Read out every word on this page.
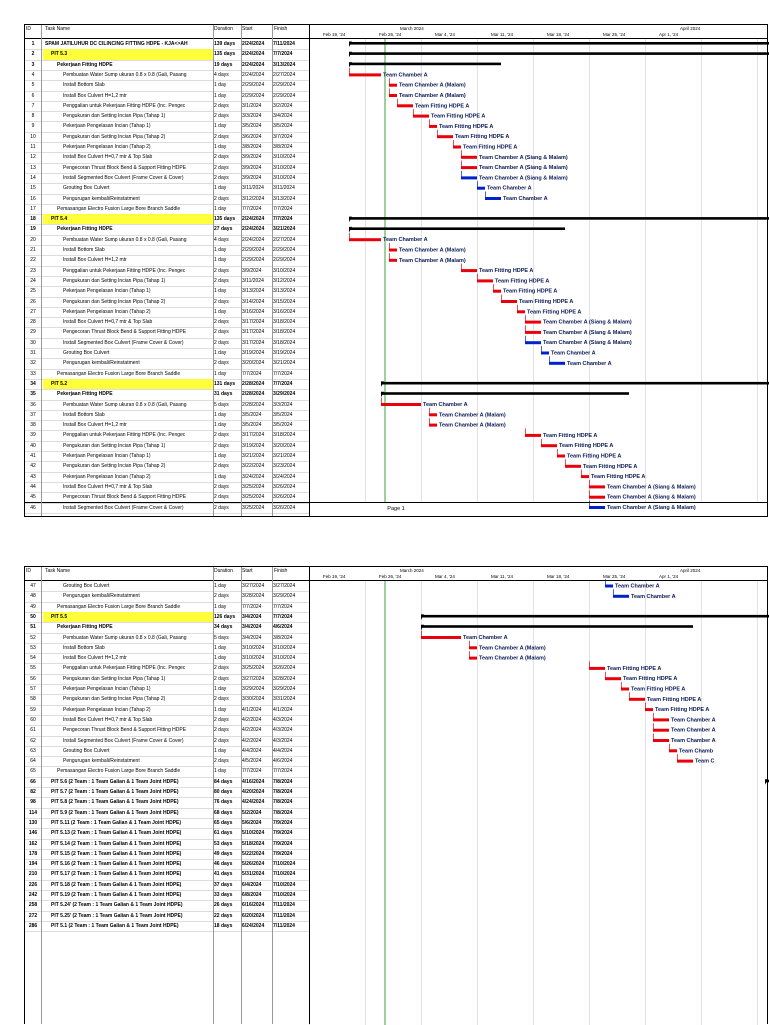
ID	Task Name	Duration Start	Finish	March 2024	April 2024
Feb 19, '24	Feb 26, '24	Mar 4, '24	Mar 11, '24	Mar 18, '24	Mar 25, '24	Apr 1, '24
1	SPAM JATILUHUR DC CILINCING FITTING HDPE - KJA<>AH	139 days	2/24/2024	7/11/2024
2	PIT 5.3	135 days	2/24/2024	7/7/2024
3	Pekerjaan Fitting HDPE	19 days	2/24/2024	3/13/2024
4	Pembuatan Water Sump ukuran 0.8 x 0.8 (Gali, Pasang	4 days	2/24/2024	2/27/2024
5	Install Bottom Slab	1 day	2/29/2024	2/29/2024
6	Install Box Culvert H=1,2 mtr	1 day	2/29/2024	2/29/2024
7	Penggalian untuk Pekerjaan Fitting HDPE (Inc. Pengec	2 days	3/1/2024	3/2/2024
8	Pengukuran dan Setting Incian Pipa (Tahap 1)	2 days	3/3/2024	3/4/2024
9	Pekerjaan Pengelasan Incian (Tahap 1)	1 day	3/5/2024	3/5/2024
10	Pengukuran dan Setting Incian Pipa (Tahap 2)	2 days	3/6/2024	3/7/2024
11	Pekerjaan Pengelasan Incian (Tahap 2)	1 day	3/8/2024	3/8/2024
12	Install Box Culvert H=0,7 mtr & Top Slab	2 days	3/9/2024	3/10/2024
13	Pengecoran Thrust Block Bend & Support Fitting HDPE	2 days	3/9/2024	3/10/2024
14	Install Segmented Box Culvert (Frame Cover & Cover)	2 days	3/9/2024	3/10/2024
15	Grouting Box Culvert	1 day	3/11/2024	3/11/2024
16	Pengurugan kembali/Reinstatment	2 days	3/12/2024	3/13/2024
17	Pemasangan Electro Fusion Large Bore Branch Saddle	1 day	7/7/2024	7/7/2024
18	PIT 5.4	135 days	2/24/2024	7/7/2024
19	Pekerjaan Fitting HDPE	27 days	2/24/2024	3/21/2024
20	Pembuatan Water Sump ukuran 0.8 x 0.8 (Gali, Pasang	4 days	2/24/2024	2/27/2024
21	Install Bottom Slab	1 day	2/29/2024	2/29/2024
22	Install Box Culvert H=1,2 mtr	1 day	2/29/2024	2/29/2024
23	Penggalian untuk Pekerjaan Fitting HDPE (Inc. Pengec	2 days	3/9/2024	3/10/2024
24	Pengukuran dan Setting Incian Pipa (Tahap 1)	2 days	3/11/2024	3/12/2024
25	Pekerjaan Pengelasan Incian (Tahap 1)	1 day	3/13/2024	3/13/2024
26	Pengukuran dan Setting Incian Pipa (Tahap 2)	2 days	3/14/2024	3/15/2024
27	Pekerjaan Pengelasan Incian (Tahap 2)	1 day	3/16/2024	3/16/2024
28	Install Box Culvert H=0,7 mtr & Top Slab	2 days	3/17/2024	3/18/2024
29	Pengecoran Thrust Block Bend & Support Fitting HDPE	2 days	3/17/2024	3/18/2024
30	Install Segmented Box Culvert (Frame Cover & Cover)	2 days	3/17/2024	3/18/2024
31	Grouting Box Culvert	1 day	3/19/2024	3/19/2024
32	Pengurugan kembali/Reinstatment	2 days	3/20/2024	3/21/2024
33	Pemasangan Electro Fusion Large Bore Branch Saddle	1 day	7/7/2024	7/7/2024
34	PIT 5.2	131 days	2/28/2024	7/7/2024
35	Pekerjaan Fitting HDPE	31 days	2/28/2024	3/29/2024
36	Pembuatan Water Sump ukuran 0.8 x 0.8 (Gali, Pasang	5 days	2/28/2024	3/3/2024
37	Install Bottom Slab	1 day	3/5/2024	3/5/2024
38	Install Box Culvert H=1,2 mtr	1 day	3/5/2024	3/5/2024
39	Penggalian untuk Pekerjaan Fitting HDPE (Inc. Pengec	2 days	3/17/2024	3/18/2024
40	Pengukuran dan Setting Incian Pipa (Tahap 1)	2 days	3/19/2024	3/20/2024
41	Pekerjaan Pengelasan Incian (Tahap 1)	1 day	3/21/2024	3/21/2024
42	Pengukuran dan Setting Incian Pipa (Tahap 2)	2 days	3/22/2024	3/23/2024
43	Pekerjaan Pengelasan Incian (Tahap 2)	1 day	3/24/2024	3/24/2024
44	Install Box Culvert H=0,7 mtr & Top Slab	2 days	3/25/2024	3/26/2024
45	Pengecoran Thrust Block Bend & Support Fitting HDPE	2 days	3/25/2024	3/26/2024
46	Install Segmented Box Culvert (Frame Cover & Cover)	2 days	3/25/2024	3/26/2024
Team Chamber A
Team Chamber A (Malam)
Team Chamber A (Malam)
Team Fitting HDPE A
Team Fitting HDPE A
Team Fitting HDPE A
Team Fitting HDPE A
Team Fitting HDPE A
Team Chamber A (Siang & Malam)
Team Chamber A (Siang & Malam)
Team Chamber A (Siang & Malam)
Team Chamber A
Team Chamber A
Team Chamber A
Team Chamber A (Malam)
Team Chamber A (Malam)
Team Fitting HDPE A
Team Fitting HDPE A
Team Fitting HDPE A
Team Fitting HDPE A
Team Fitting HDPE A
Team Chamber A (Siang & Malam)
Team Chamber A (Siang & Malam)
Team Chamber A (Siang & Malam)
Team Chamber A
Team Chamber A
Team Chamber A
Team Chamber A (Malam)
Team Chamber A (Malam)
Team Fitting HDPE A
Team Fitting HDPE A
Team Fitting HDPE A
Team Fitting HDPE A
Team Fitting HDPE A
Team Chamber A (Siang & Malam)
Team Chamber A (Siang & Malam)
Team Chamber A (Siang & Malam)
Page 1
ID	Task Name	Duration Start	Finish	March 2024	April 2024
Feb 19, '24	Feb 26, '24	Mar 4, '24	Mar 11, '24	Mar 18, '24	Mar 25, '24	Apr 1, '24
47	Grouting Box Culvert	1 day	3/27/2024	3/27/2024
48	Pengurugan kembali/Reinstatment	2 days	3/28/2024	3/29/2024
49	Pemasangan Electro Fusion Large Bore Branch Saddle	1 day	7/7/2024	7/7/2024
50	PIT 5.5	126 days	3/4/2024	7/7/2024
51	Pekerjaan Fitting HDPE	34 days	3/4/2024	4/6/2024
52	Pembuatan Water Sump ukuran 0.8 x 0.8 (Gali, Pasang	5 days	3/4/2024	3/8/2024
53	Install Bottom Slab	1 day	3/10/2024	3/10/2024
54	Install Box Culvert H=1,2 mtr	1 day	3/10/2024	3/10/2024
55	Penggalian untuk Pekerjaan Fitting HDPE (Inc. Pengec	2 days	3/25/2024	3/26/2024
56	Pengukuran dan Setting Incian Pipa (Tahap 1)	2 days	3/27/2024	3/28/2024
57	Pekerjaan Pengelasan Incian (Tahap 1)	1 day	3/29/2024	3/29/2024
58	Pengukuran dan Setting Incian Pipa (Tahap 2)	2 days	3/30/2024	3/31/2024
59	Pekerjaan Pengelasan Incian (Tahap 2)	1 day	4/1/2024	4/1/2024
60	Install Box Culvert H=0,7 mtr & Top Slab	2 days	4/2/2024	4/3/2024
61	Pengecoran Thrust Block Bend & Support Fitting HDPE	2 days	4/2/2024	4/3/2024
62	Install Segmented Box Culvert (Frame Cover & Cover)	2 days	4/2/2024	4/3/2024
63	Grouting Box Culvert	1 day	4/4/2024	4/4/2024
64	Pengurugan kembali/Reinstatment	2 days	4/5/2024	4/6/2024
65	Pemasangan Electro Fusion Large Bore Branch Saddle	1 day	7/7/2024	7/7/2024
66	PIT 5.6 (2 Team : 1 Team Galian & 1 Team Joint HDPE)	84 days	4/16/2024	7/8/2024
82	PIT 5.7 (2 Team : 1 Team Galian & 1 Team Joint HDPE)	80 days	4/20/2024	7/8/2024
98	PIT 5.8 (2 Team : 1 Team Galian & 1 Team Joint HDPE)	76 days	4/24/2024	7/8/2024
114	PIT 5.9 (2 Team : 1 Team Galian & 1 Team Joint HDPE)	68 days	5/2/2024	7/8/2024
130	PIT 5.11 (2 Team : 1 Team Galian & 1 Team Joint HDPE)	65 days	5/6/2024	7/9/2024
146	PIT 5.13 (2 Team : 1 Team Galian & 1 Team Joint HDPE)	61 days	5/10/2024	7/9/2024
162	PIT 5.14 (2 Team : 1 Team Galian & 1 Team Joint HDPE)	53 days	5/18/2024	7/9/2024
178	PIT 5.15 (2 Team : 1 Team Galian & 1 Team Joint HDPE)	49 days	5/22/2024	7/9/2024
194	PIT 5.16 (2 Team : 1 Team Galian & 1 Team Joint HDPE)	46 days	5/26/2024	7/10/2024
210	PIT 5.17 (2 Team : 1 Team Galian & 1 Team Joint HDPE)	41 days	5/31/2024	7/10/2024
226	PIT 5.18 (2 Team : 1 Team Galian & 1 Team Joint HDPE)	37 days	6/4/2024	7/10/2024
242	PIT 5.19 (2 Team : 1 Team Galian & 1 Team Joint HDPE)	33 days	6/8/2024	7/10/2024
258	PIT 5.24' (2 Team : 1 Team Galian & 1 Team Joint HDPE)	26 days	6/16/2024	7/11/2024
272	PIT 5.25' (2 Team : 1 Team Galian & 1 Team Joint HDPE)	22 days	6/20/2024	7/11/2024
286	PIT 5.1 (2 Team : 1 Team Galian & 1 Team Joint HDPE)	18 days	6/24/2024	7/11/2024
Team Chamber A
Team Chamber A
Team Chamber A
Team Chamber A (Malam)
Team Chamber A (Malam)
Team Fitting HDPE A
Team Fitting HDPE A
Team Fitting HDPE A
Team Fitting HDPE A
Team Fitting HDPE A
Team Chamber A
Team Chamber A
Team Chamber A
Team Chamb
Team C
